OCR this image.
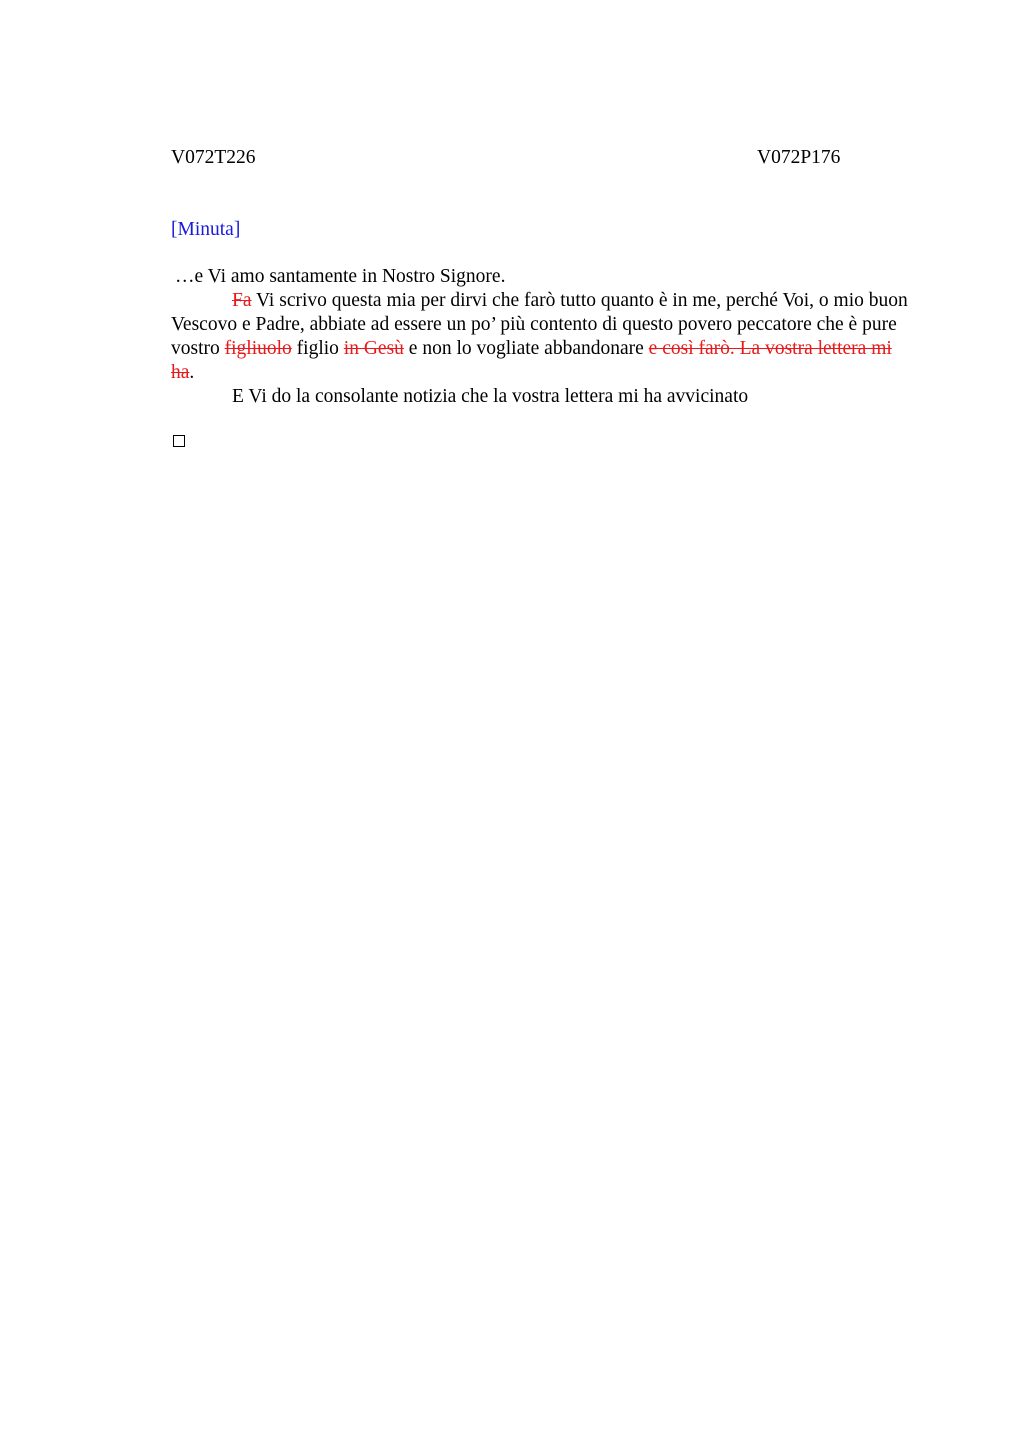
V072T226	V072P176
[Minuta]

…e Vi amo santamente in Nostro Signore.

Fa Vi scrivo questa mia per dirvi che farò tutto quanto è in me, perché Voi, o mio buon Vescovo e Padre, abbiate ad essere un po’ più contento di questo povero peccatore che è pure vostro figliuolo figlio in Gesù e non lo vogliate abbandonare e così farò. La vostra lettera mi ha.

E Vi do la consolante notizia che la vostra lettera mi ha avvicinato
